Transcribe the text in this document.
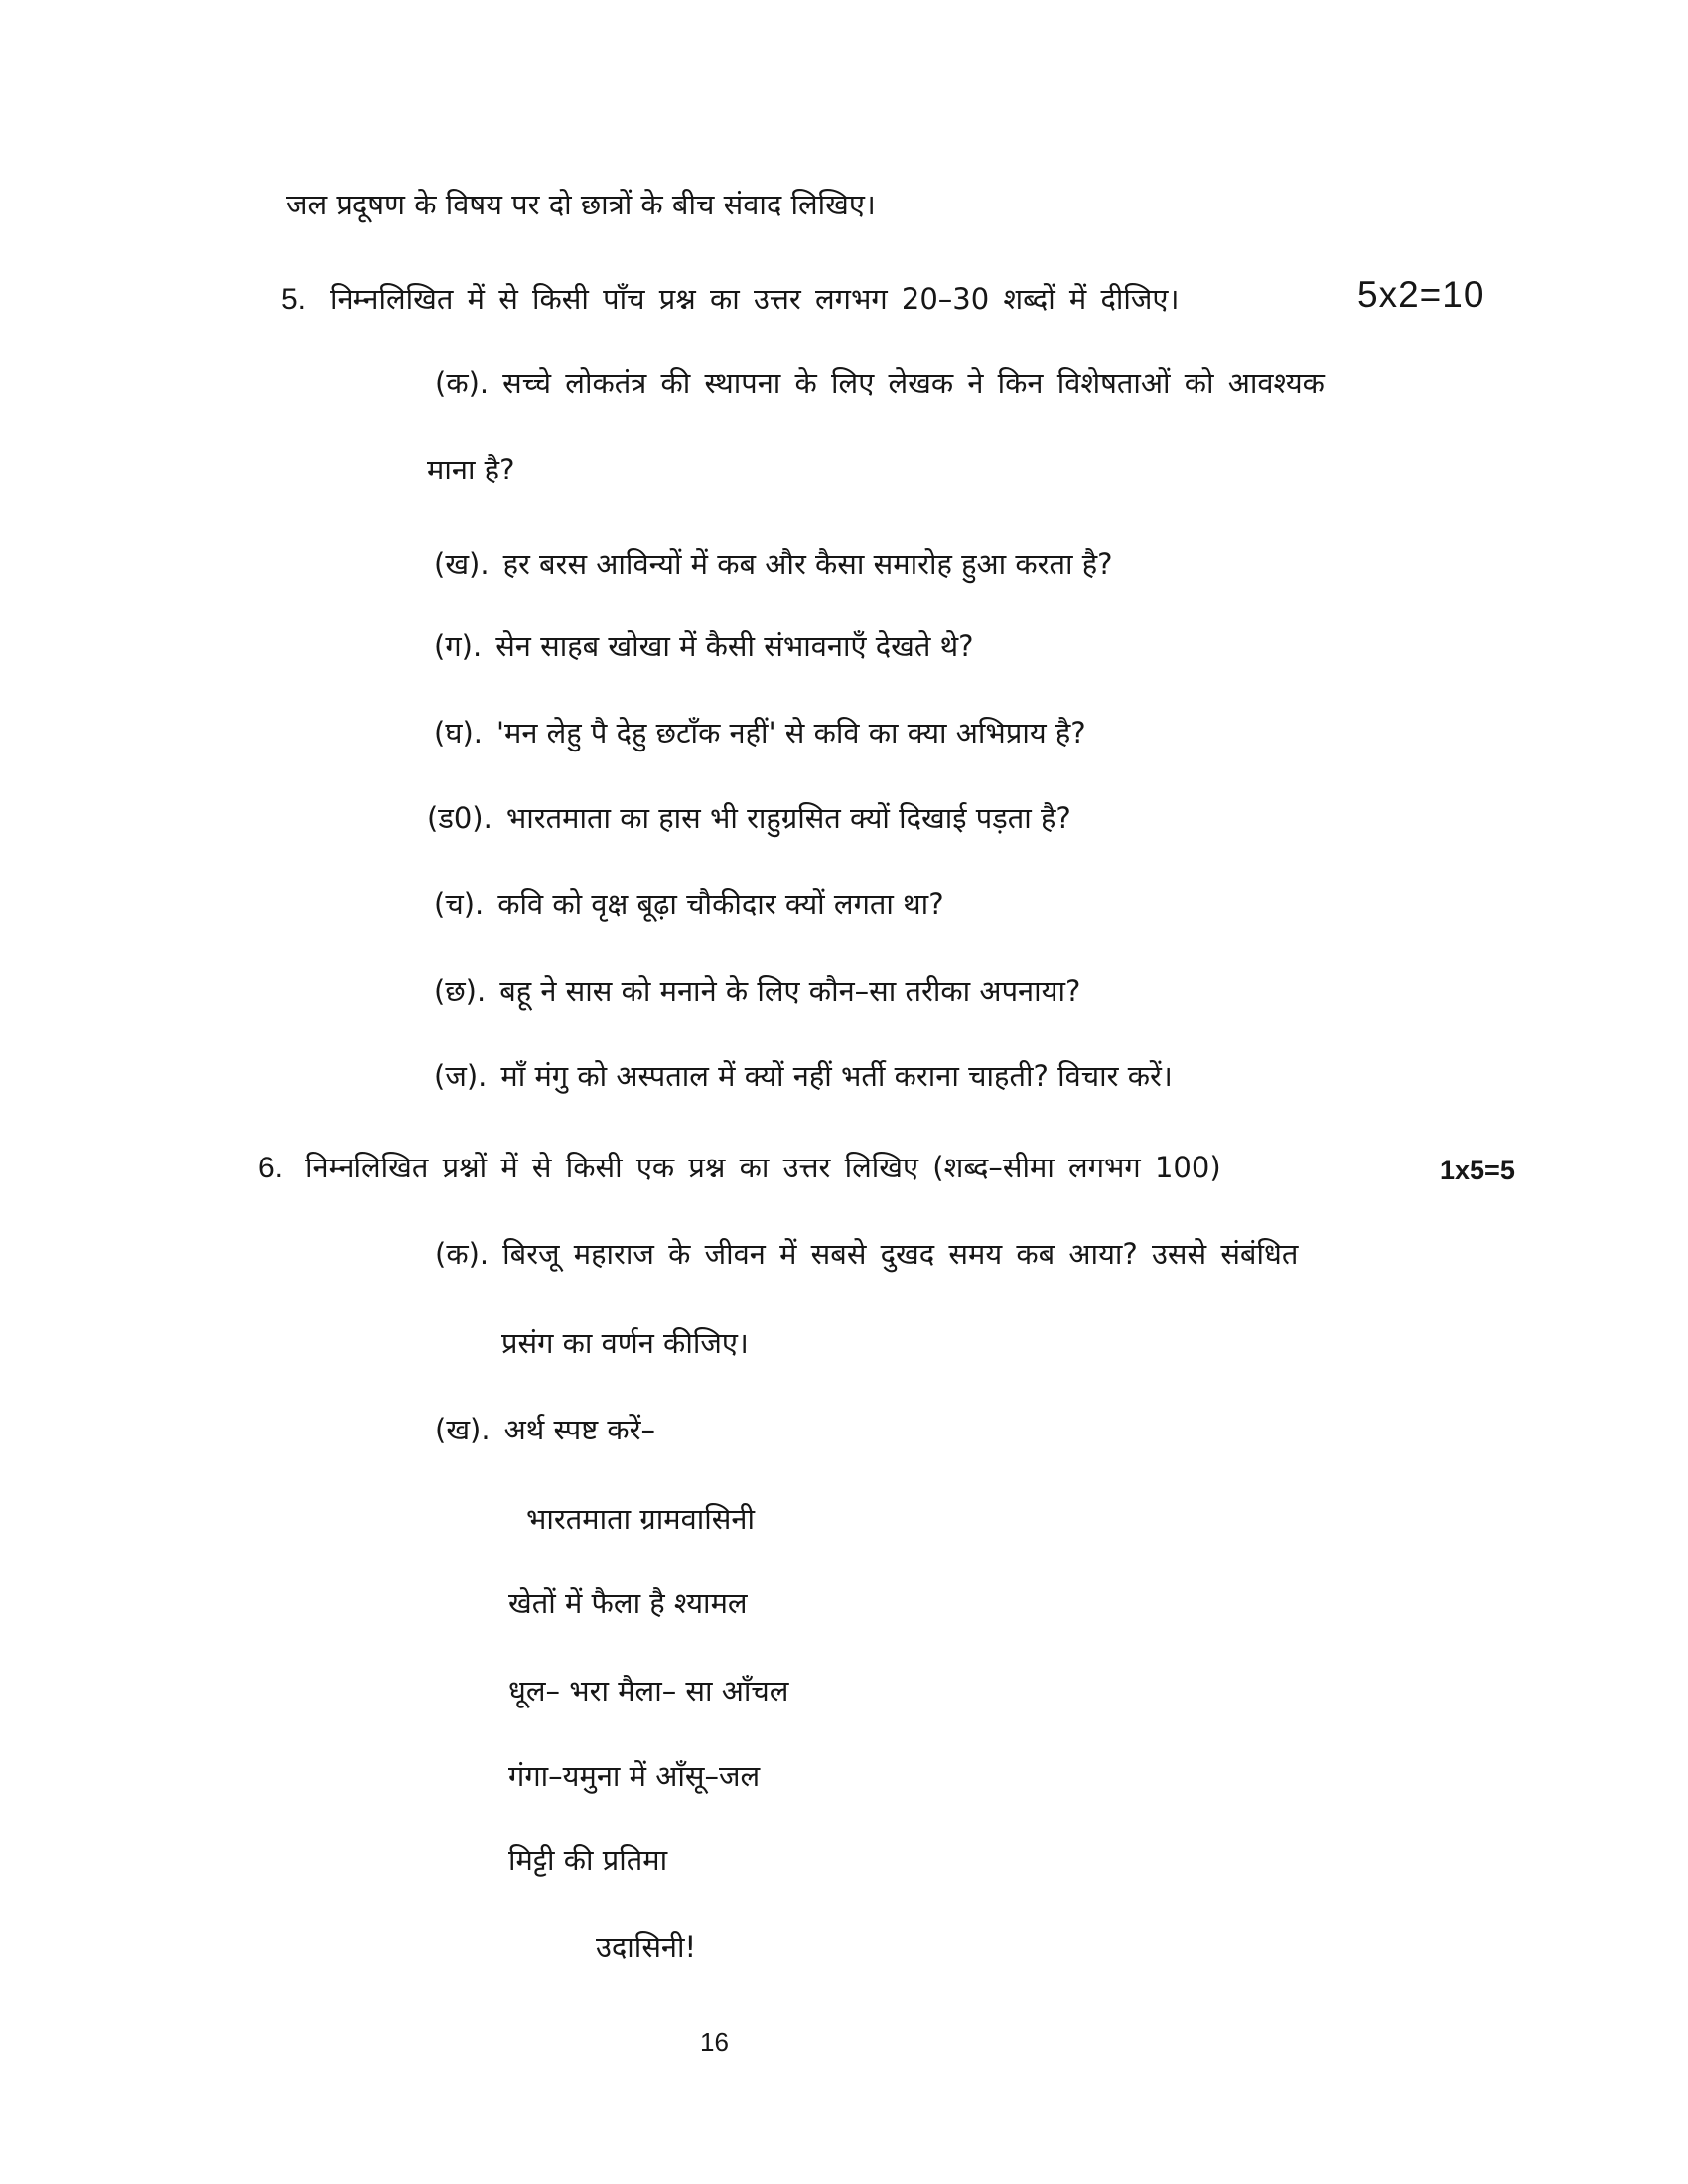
जल प्रदूषण के विषय पर दो छात्रों के बीच संवाद लिखिए।
5. निम्नलिखित में से किसी पाँच प्रश्न का उत्तर लगभग 20–30 शब्दों में दीजिए।	5x2=10
(क). सच्चे लोकतंत्र की स्थापना के लिए लेखक ने किन विशेषताओं को आवश्यक
माना है?
(ख). हर बरस आविन्यों में कब और कैसा समारोह हुआ करता है?
(ग). सेन साहब खोखा में कैसी संभावनाएँ देखते थे?
(घ). 'मन लेहु पै देहु छटाँक नहीं' से कवि का क्या अभिप्राय है?
(ड0). भारतमाता का हास भी राहुग्रसित क्यों दिखाई पड़ता है?
(च). कवि को वृक्ष बूढ़ा चौकीदार क्यों लगता था?
(छ). बहू ने सास को मनाने के लिए कौन–सा तरीका अपनाया?
(ज). माँ मंगु को अस्पताल में क्यों नहीं भर्ती कराना चाहती? विचार करें।
6. निम्नलिखित प्रश्नों में से किसी एक प्रश्न का उत्तर लिखिए (शब्द–सीमा लगभग 100)	1x5=5
(क). बिरजू महाराज के जीवन में सबसे दुखद समय कब आया? उससे संबंधित
प्रसंग का वर्णन कीजिए।
(ख). अर्थ स्पष्ट करें–
भारतमाता ग्रामवासिनी
खेतों में फैला है श्यामल
धूल– भरा मैला– सा आँचल
गंगा–यमुना में आँसू–जल
मिट्टी की प्रतिमा
उदासिनी!
16
